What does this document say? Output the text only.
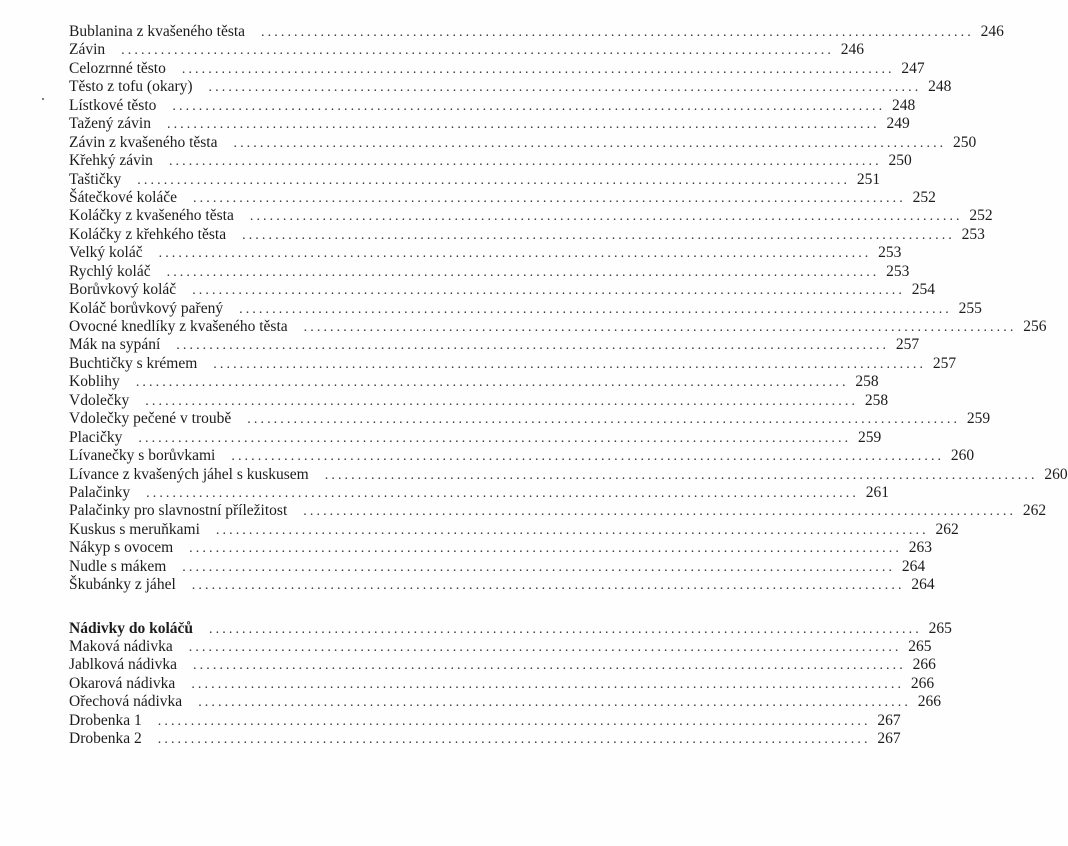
Bublanina z kvašeného těsta	............................................................................................................ 246
Závin	............................................................................................................ 246
Celozrnné těsto	............................................................................................................ 247
Těsto z tofu (okary)	............................................................................................................ 248
Lístkové těsto	............................................................................................................ 248
Tažený závin	............................................................................................................ 249
Závin z kvašeného těsta	............................................................................................................ 250
Křehký závin	............................................................................................................ 250
Taštičky	............................................................................................................ 251
Šátečkové koláče	............................................................................................................ 252
Koláčky z kvašeného těsta	............................................................................................................ 252
Koláčky z křehkého těsta	............................................................................................................ 253
Velký koláč	............................................................................................................ 253
Rychlý koláč	............................................................................................................ 253
Borůvkový koláč	............................................................................................................ 254
Koláč borůvkový pařený	............................................................................................................ 255
Ovocné knedlíky z kvašeného těsta	............................................................................................................ 256
Mák na sypání	............................................................................................................ 257
Buchtičky s krémem	............................................................................................................ 257
Koblihy	............................................................................................................ 258
Vdolečky	............................................................................................................ 258
Vdolečky pečené v troubě	............................................................................................................ 259
Placičky	............................................................................................................ 259
Lívanečky s borůvkami	............................................................................................................ 260
Lívance z kvašených jáhel s kuskusem	............................................................................................................ 260
Palačinky	............................................................................................................ 261
Palačinky pro slavnostní příležitost	............................................................................................................ 262
Kuskus s meruňkami	............................................................................................................ 262
Nákyp s ovocem	............................................................................................................ 263
Nudle s mákem	............................................................................................................ 264
Škubánky z jáhel	............................................................................................................ 264
Nádivky do koláčů	............................................................................................................ 265
Maková nádivka	............................................................................................................ 265
Jablková nádivka	............................................................................................................ 266
Okarová nádivka	............................................................................................................ 266
Ořechová nádivka	............................................................................................................ 266
Drobenka 1	............................................................................................................ 267
Drobenka 2	............................................................................................................ 267
